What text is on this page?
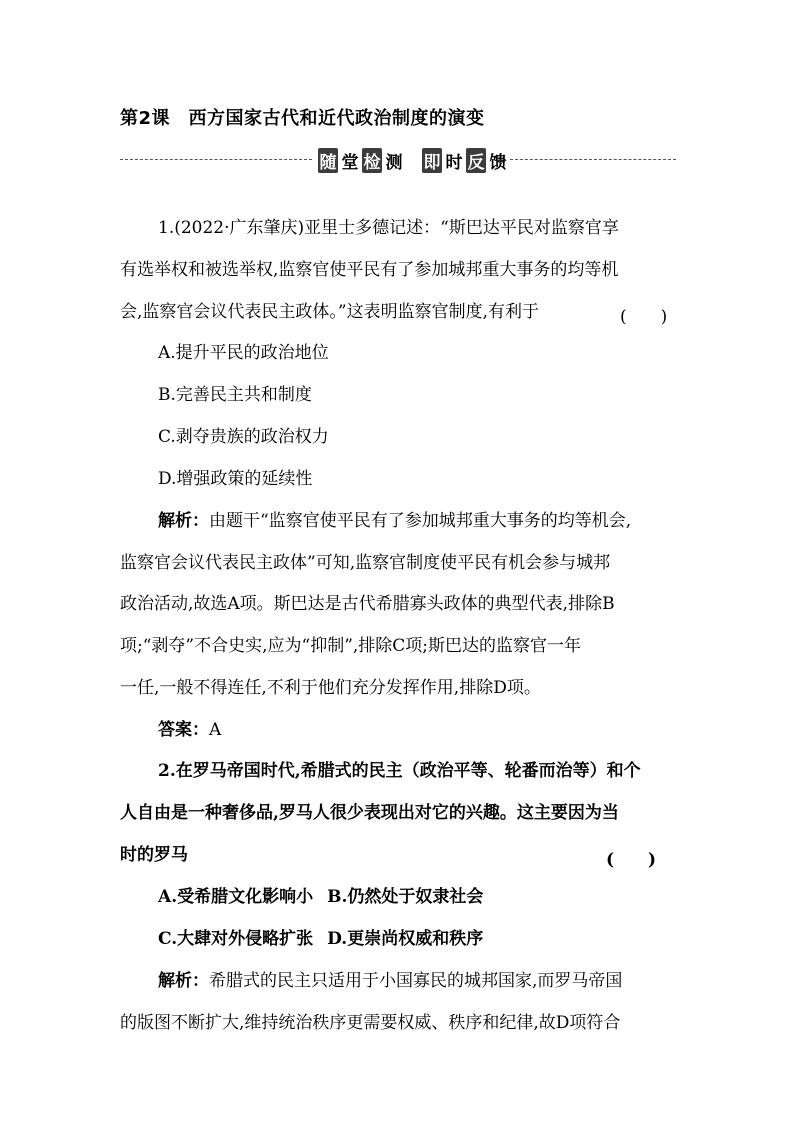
第2课　西方国家古代和近代政治制度的演变
随 堂 检 测 即 时 反 馈
1.(2022·广东肇庆)亚里士多德记述：“斯巴达平民对监察官享
有选举权和被选举权,监察官使平民有了参加城邦重大事务的均等机
会,监察官会议代表民主政体。”这表明监察官制度,有利于	(　　)
A.提升平民的政治地位
B.完善民主共和制度
C.剥夺贵族的政治权力
D.增强政策的延续性
解析：由题干“监察官使平民有了参加城邦重大事务的均等机会,
监察官会议代表民主政体”可知,监察官制度使平民有机会参与城邦
政治活动,故选A项。斯巴达是古代希腊寡头政体的典型代表,排除B
项;“剥夺”不合史实,应为“抑制”,排除C项;斯巴达的监察官一年
一任,一般不得连任,不利于他们充分发挥作用,排除D项。
答案：A
2.在罗马帝国时代,希腊式的民主（政治平等、轮番而治等）和个
人自由是一种奢侈品,罗马人很少表现出对它的兴趣。这主要因为当
时的罗马	(　　)
A.受希腊文化影响小 B.仍然处于奴隶社会
C.大肆对外侵略扩张 D.更崇尚权威和秩序
解析：希腊式的民主只适用于小国寡民的城邦国家,而罗马帝国
的版图不断扩大,维持统治秩序更需要权威、秩序和纪律,故D项符合
